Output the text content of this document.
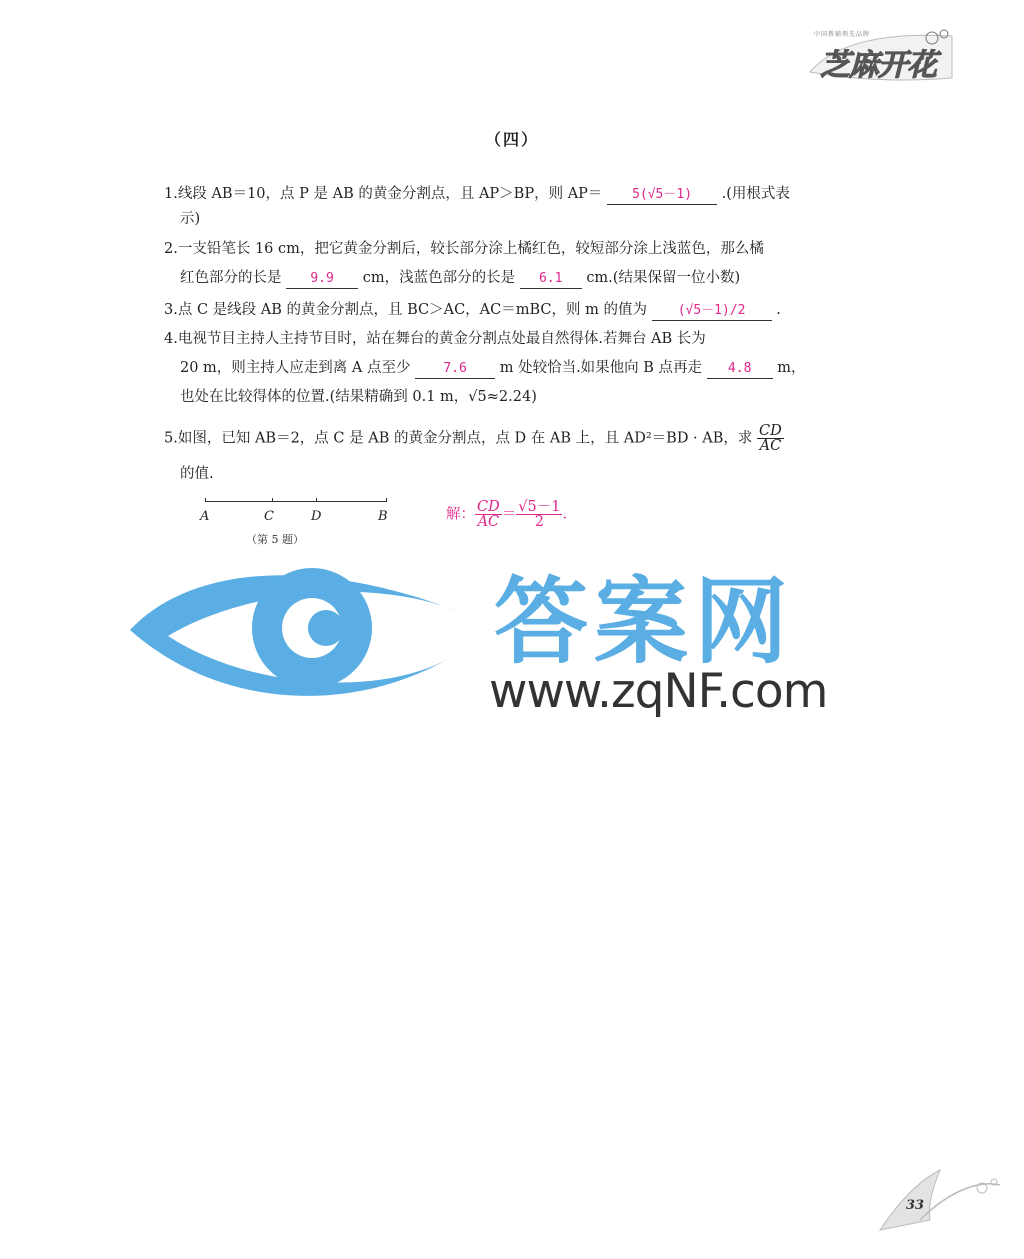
中国教辅领先品牌
芝麻开花
（四）
1.线段 AB＝10，点 P 是 AB 的黄金分割点，且 AP＞BP，则 AP＝ 5(√5－1) .(用根式表
示)
2.一支铅笔长 16 cm，把它黄金分割后，较长部分涂上橘红色，较短部分涂上浅蓝色，那么橘
红色部分的长是 9.9 cm，浅蓝色部分的长是 6.1 cm.(结果保留一位小数)
3.点 C 是线段 AB 的黄金分割点，且 BC＞AC，AC＝mBC，则 m 的值为 (√5－1)/2 .
4.电视节目主持人主持节目时，站在舞台的黄金分割点处最自然得体.若舞台 AB 长为
20 m，则主持人应走到离 A 点至少	7.6 m 处较恰当.如果他向 B 点再走 4.8 m，
也处在比较得体的位置.(结果精确到 0.1 m，√5≈2.24)
5.如图，已知 AB＝2，点 C 是 AB 的黄金分割点，点 D 在 AB 上，且 AD²＝BD · AB，求 $\frac{CD}{AC}$
的值.
A	C	D	B
（第 5 题）
解： $\frac{CD}{AC} = \frac{√5-1}{2}$ .
答案网
www.zqNF.com
33
